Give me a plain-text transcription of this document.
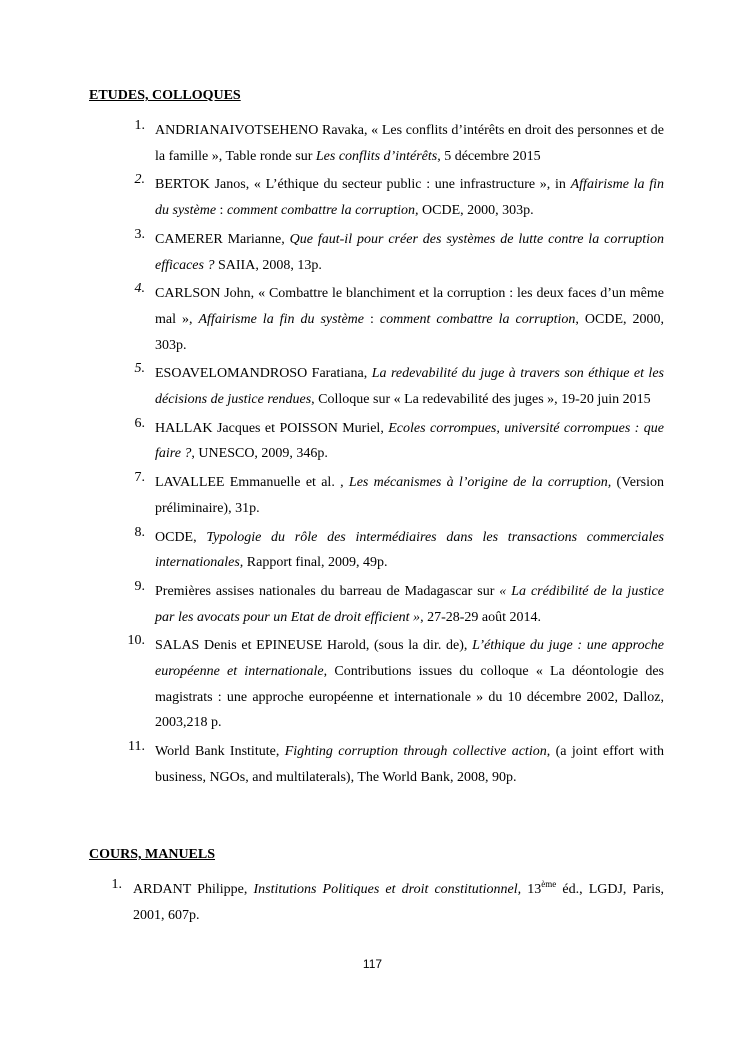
ETUDES, COLLOQUES
1. ANDRIANAIVOTSEHENO Ravaka, « Les conflits d’intérêts en droit des personnes et de la famille », Table ronde sur Les conflits d’intérêts, 5 décembre 2015
2. BERTOK Janos, « L’éthique du secteur public : une infrastructure », in Affairisme la fin du système : comment combattre la corruption, OCDE, 2000, 303p.
3. CAMERER Marianne, Que faut-il pour créer des systèmes de lutte contre la corruption efficaces ? SAIIA, 2008, 13p.
4. CARLSON John, « Combattre le blanchiment et la corruption : les deux faces d’un même mal », Affairisme la fin du système : comment combattre la corruption, OCDE, 2000, 303p.
5. ESOAVELOMANDROSO Faratiana, La redevabilité du juge à travers son éthique et les décisions de justice rendues, Colloque sur « La redevabilité des juges », 19-20 juin 2015
6. HALLAK Jacques et POISSON Muriel, Ecoles corrompues, université corrompues : que faire ?, UNESCO, 2009, 346p.
7. LAVALLEE Emmanuelle et al. , Les mécanismes à l’origine de la corruption, (Version préliminaire), 31p.
8. OCDE, Typologie du rôle des intermédiaires dans les transactions commerciales internationales, Rapport final, 2009, 49p.
9. Premières assises nationales du barreau de Madagascar sur « La crédibilité de la justice par les avocats pour un Etat de droit efficient », 27-28-29 août 2014.
10. SALAS Denis et EPINEUSE Harold, (sous la dir. de), L’éthique du juge : une approche européenne et internationale, Contributions issues du colloque « La déontologie des magistrats : une approche européenne et internationale » du 10 décembre 2002, Dalloz, 2003,218 p.
11. World Bank Institute, Fighting corruption through collective action, (a joint effort with business, NGOs, and multilaterals), The World Bank, 2008, 90p.
COURS, MANUELS
1. ARDANT Philippe, Institutions Politiques et droit constitutionnel, 13ème éd., LGDJ, Paris, 2001, 607p.
117
